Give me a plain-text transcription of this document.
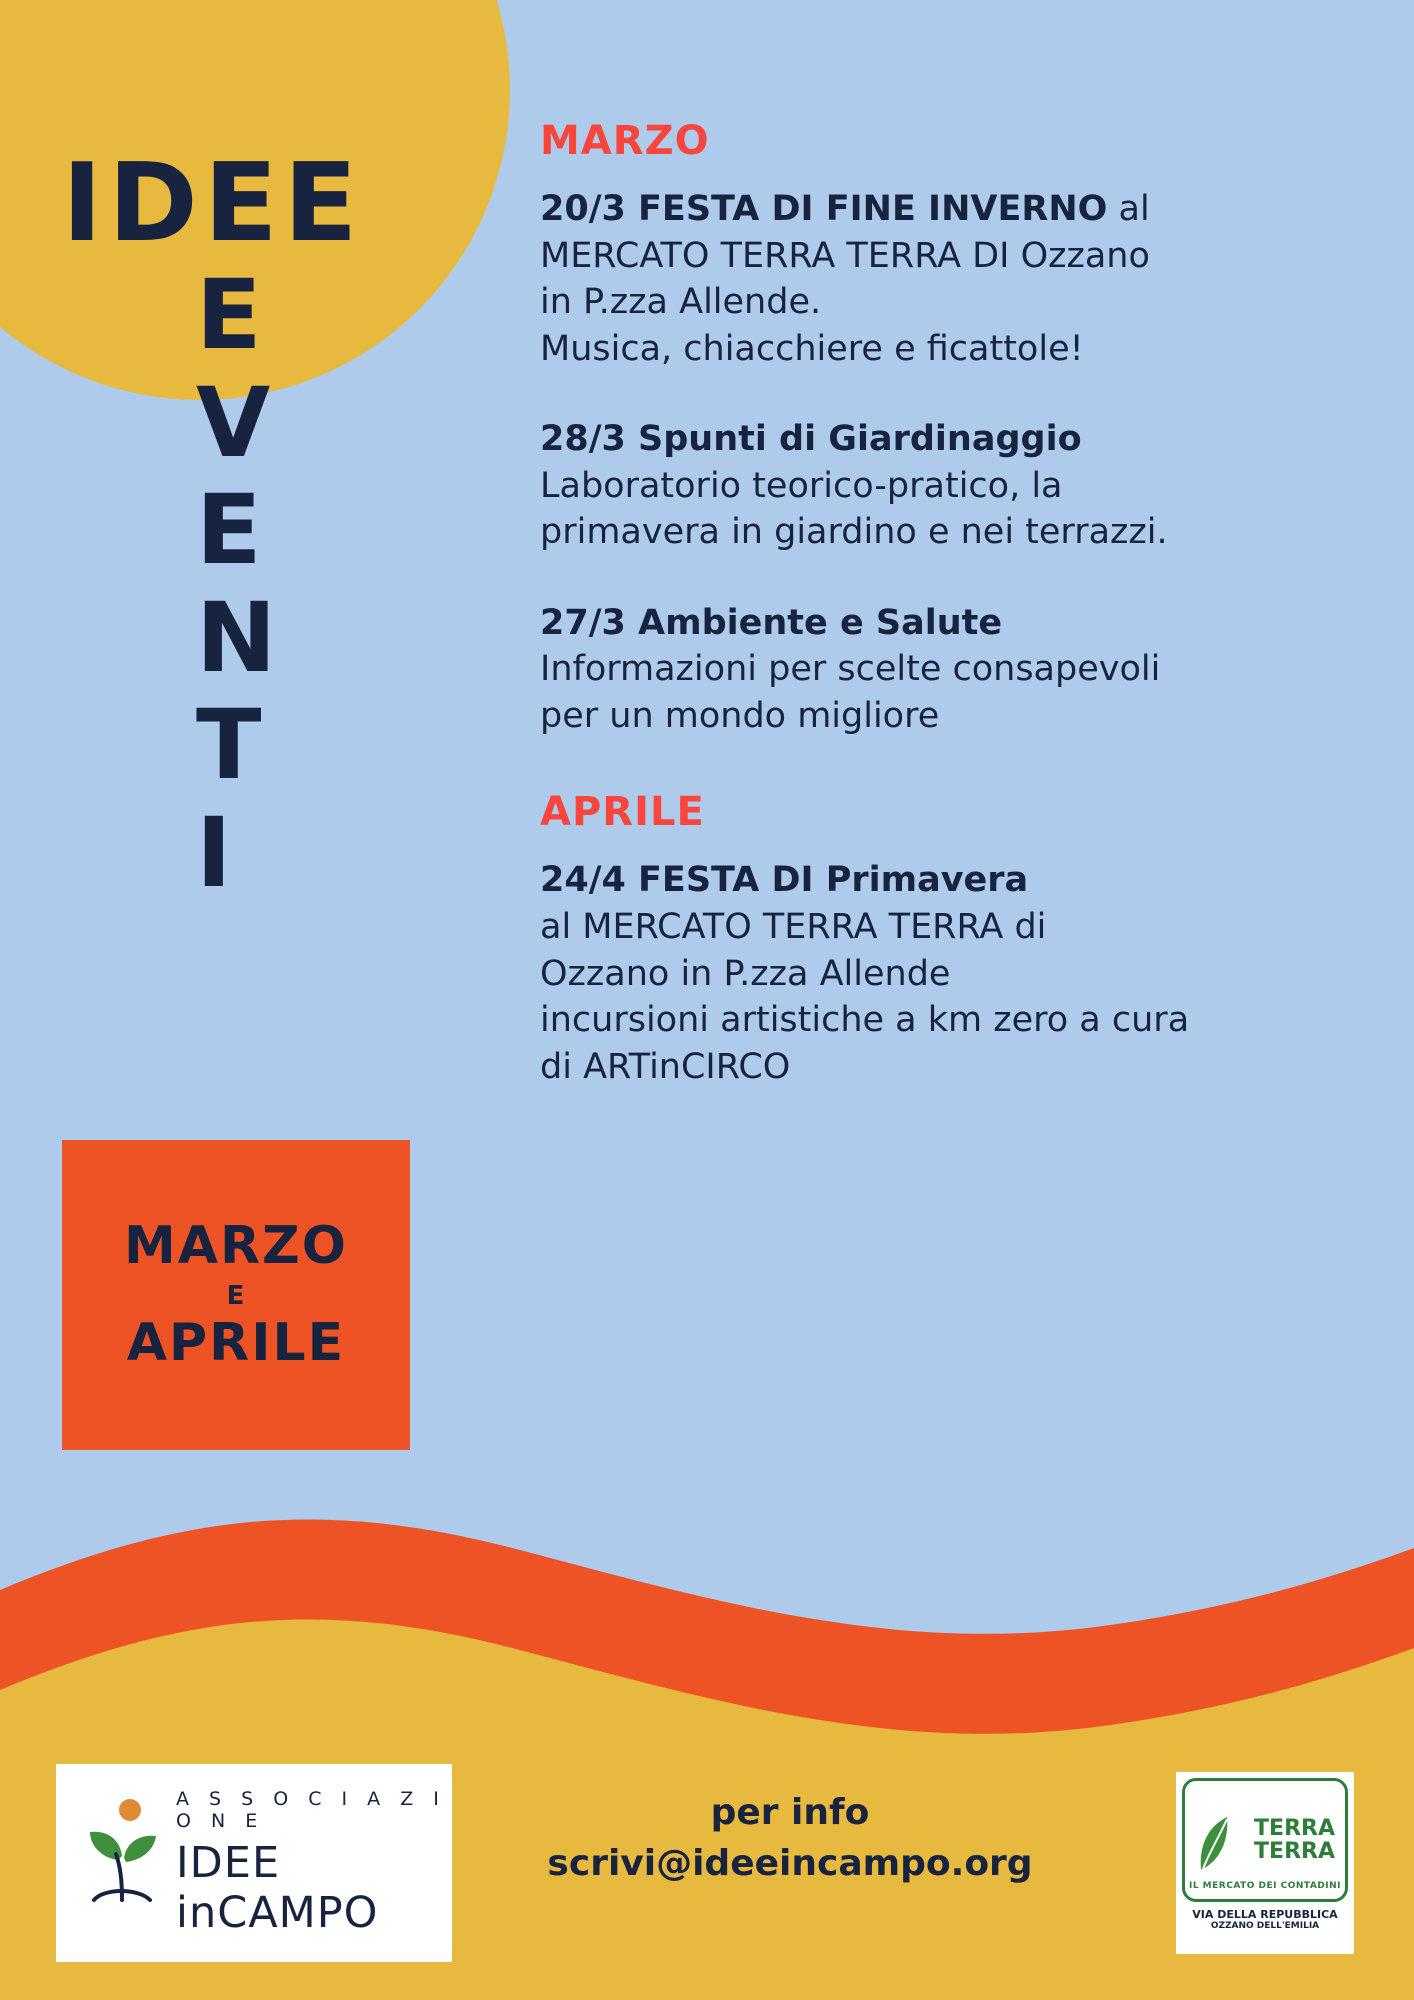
IDEE
E
V
E
N
T
I
MARZO
E
APRILE
MARZO

20/3 FESTA DI FINE INVERNO al
MERCATO TERRA TERRA DI Ozzano
in P.zza Allende.
Musica, chiacchiere e ficattole!

28/3 Spunti di Giardinaggio
Laboratorio teorico-pratico, la
primavera in giardino e nei terrazzi.

27/3 Ambiente e Salute
Informazioni per scelte consapevoli
per un mondo migliore

APRILE

24/4 FESTA DI Primavera
al MERCATO TERRA TERRA di
Ozzano in P.zza Allende
incursioni artistiche a km zero a cura
di ARTinCIRCO

A S S O C I A Z I O N E
IDEE inCAMPO
per info
scrivi@ideeincampo.org
TERRA
TERRA
IL MERCATO DEI CONTADINI
VIA DELLA REPUBBLICA
OZZANO DELL'EMILIA
